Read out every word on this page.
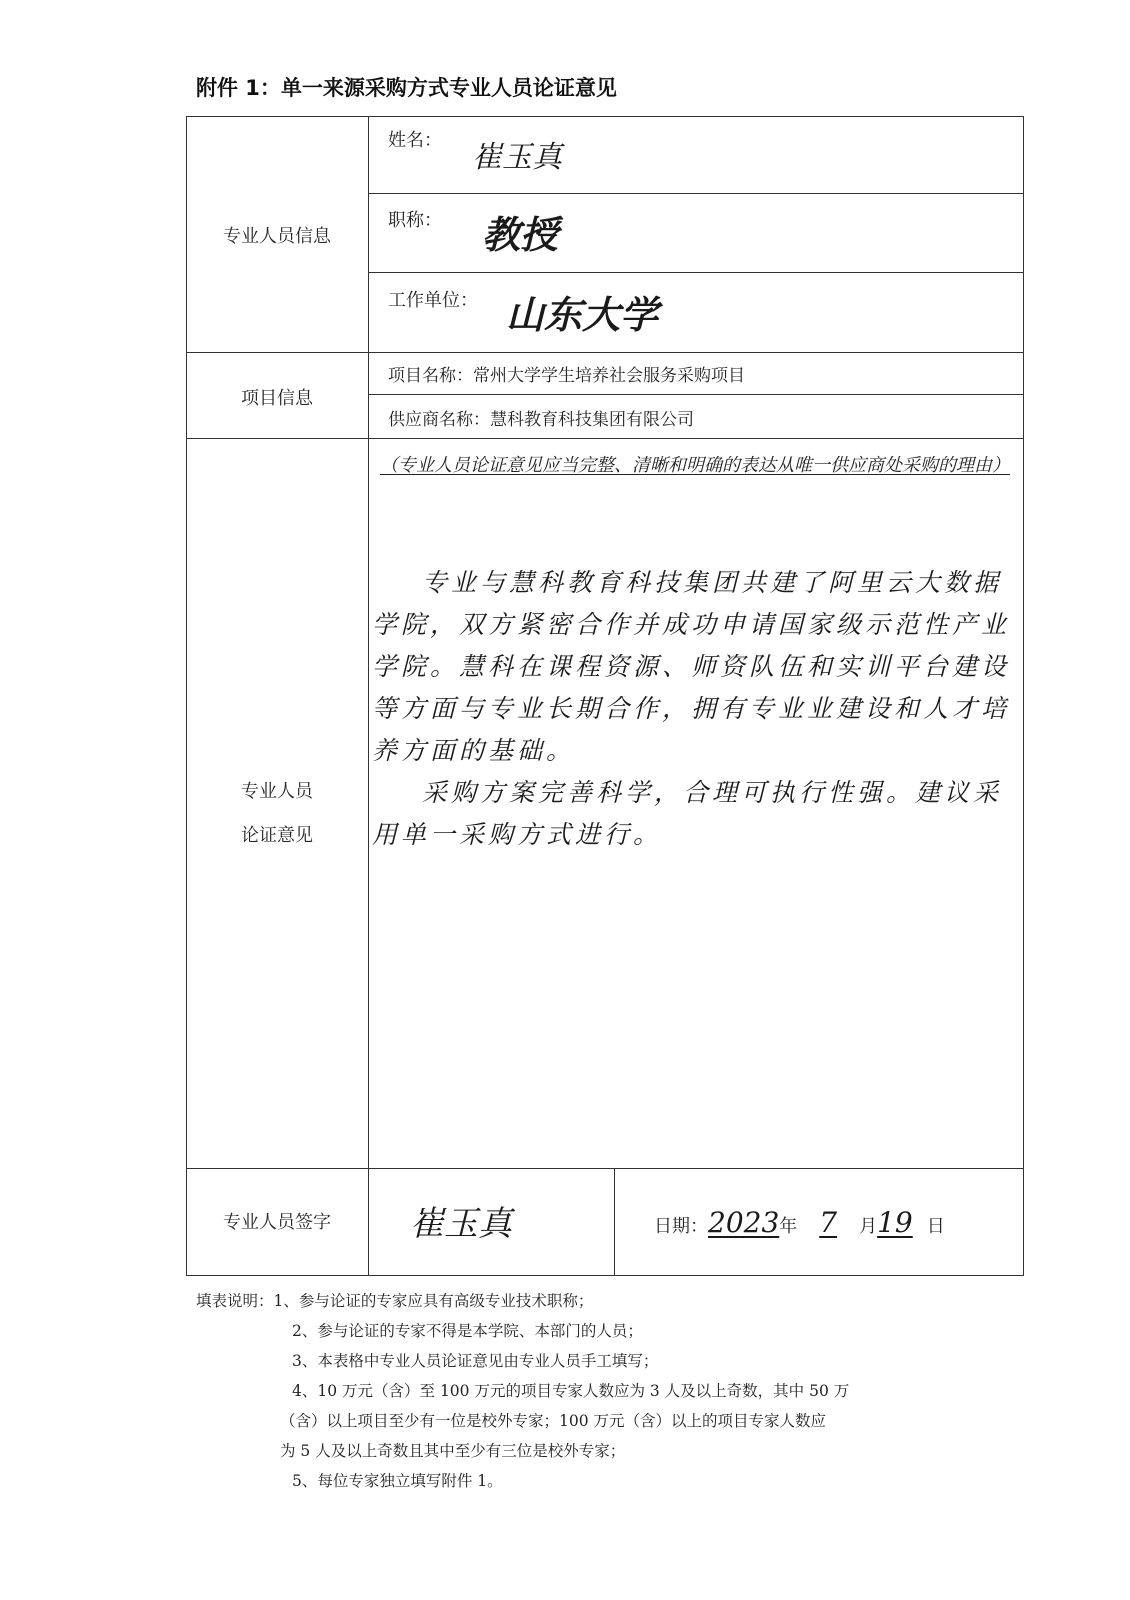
附件 1：单一来源采购方式专业人员论证意见
专业人员信息
姓名： 崔玉真
职称： 教授
工作单位： 山东大学
项目信息
项目名称：常州大学学生培养社会服务采购项目
供应商名称：慧科教育科技集团有限公司
专业人员
论证意见
（专业人员论证意见应当完整、清晰和明确的表达从唯一供应商处采购的理由）

专业与慧科教育科技集团共建了阿里云大数据学院，双方紧密合作并成功申请国家级示范性产业学院。慧科在课程资源、师资队伍和实训平台建设等方面与专业长期合作，拥有专业业建设和人才培养方面的基础。

采购方案完善科学，合理可执行性强。建议采用单一采购方式进行。

专业人员签字	崔玉真	日期：2023年 7 月19 日
填表说明：1、参与论证的专家应具有高级专业技术职称；
2、参与论证的专家不得是本学院、本部门的人员；
3、本表格中专业人员论证意见由专业人员手工填写；
4、10 万元（含）至 100 万元的项目专家人数应为 3 人及以上奇数，其中 50 万
（含）以上项目至少有一位是校外专家；100 万元（含）以上的项目专家人数应
为 5 人及以上奇数且其中至少有三位是校外专家；
5、每位专家独立填写附件 1。
